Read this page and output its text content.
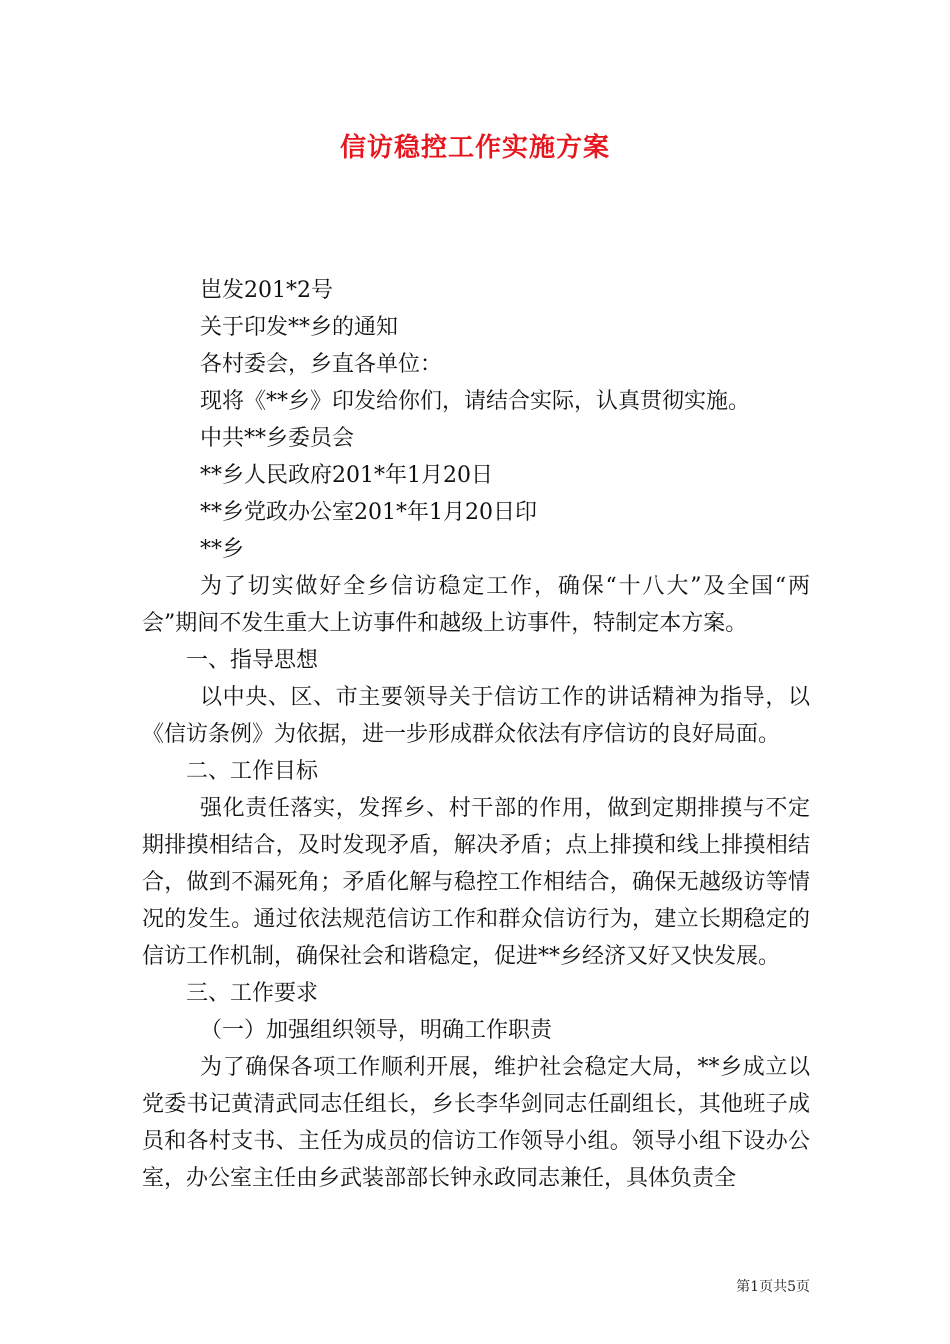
信访稳控工作实施方案

岜发201*2号

关于印发**乡的通知

各村委会，乡直各单位：

现将《**乡》印发给你们，请结合实际，认真贯彻实施。

中共**乡委员会

**乡人民政府201*年1月20日

**乡党政办公室201*年1月20日印

**乡

为了切实做好全乡信访稳定工作，确保“十八大”及全国“两会”期间不发生重大上访事件和越级上访事件，特制定本方案。

一、指导思想

以中央、区、市主要领导关于信访工作的讲话精神为指导，以《信访条例》为依据，进一步形成群众依法有序信访的良好局面。

二、工作目标

强化责任落实，发挥乡、村干部的作用，做到定期排摸与不定期排摸相结合，及时发现矛盾，解决矛盾；点上排摸和线上排摸相结合，做到不漏死角；矛盾化解与稳控工作相结合，确保无越级访等情况的发生。通过依法规范信访工作和群众信访行为，建立长期稳定的信访工作机制，确保社会和谐稳定，促进**乡经济又好又快发展。

三、工作要求

（一）加强组织领导，明确工作职责

为了确保各项工作顺利开展，维护社会稳定大局，**乡成立以党委书记黄清武同志任组长，乡长李华剑同志任副组长，其他班子成员和各村支书、主任为成员的信访工作领导小组。领导小组下设办公室，办公室主任由乡武装部部长钟永政同志兼任，具体负责全

第1页共5页
